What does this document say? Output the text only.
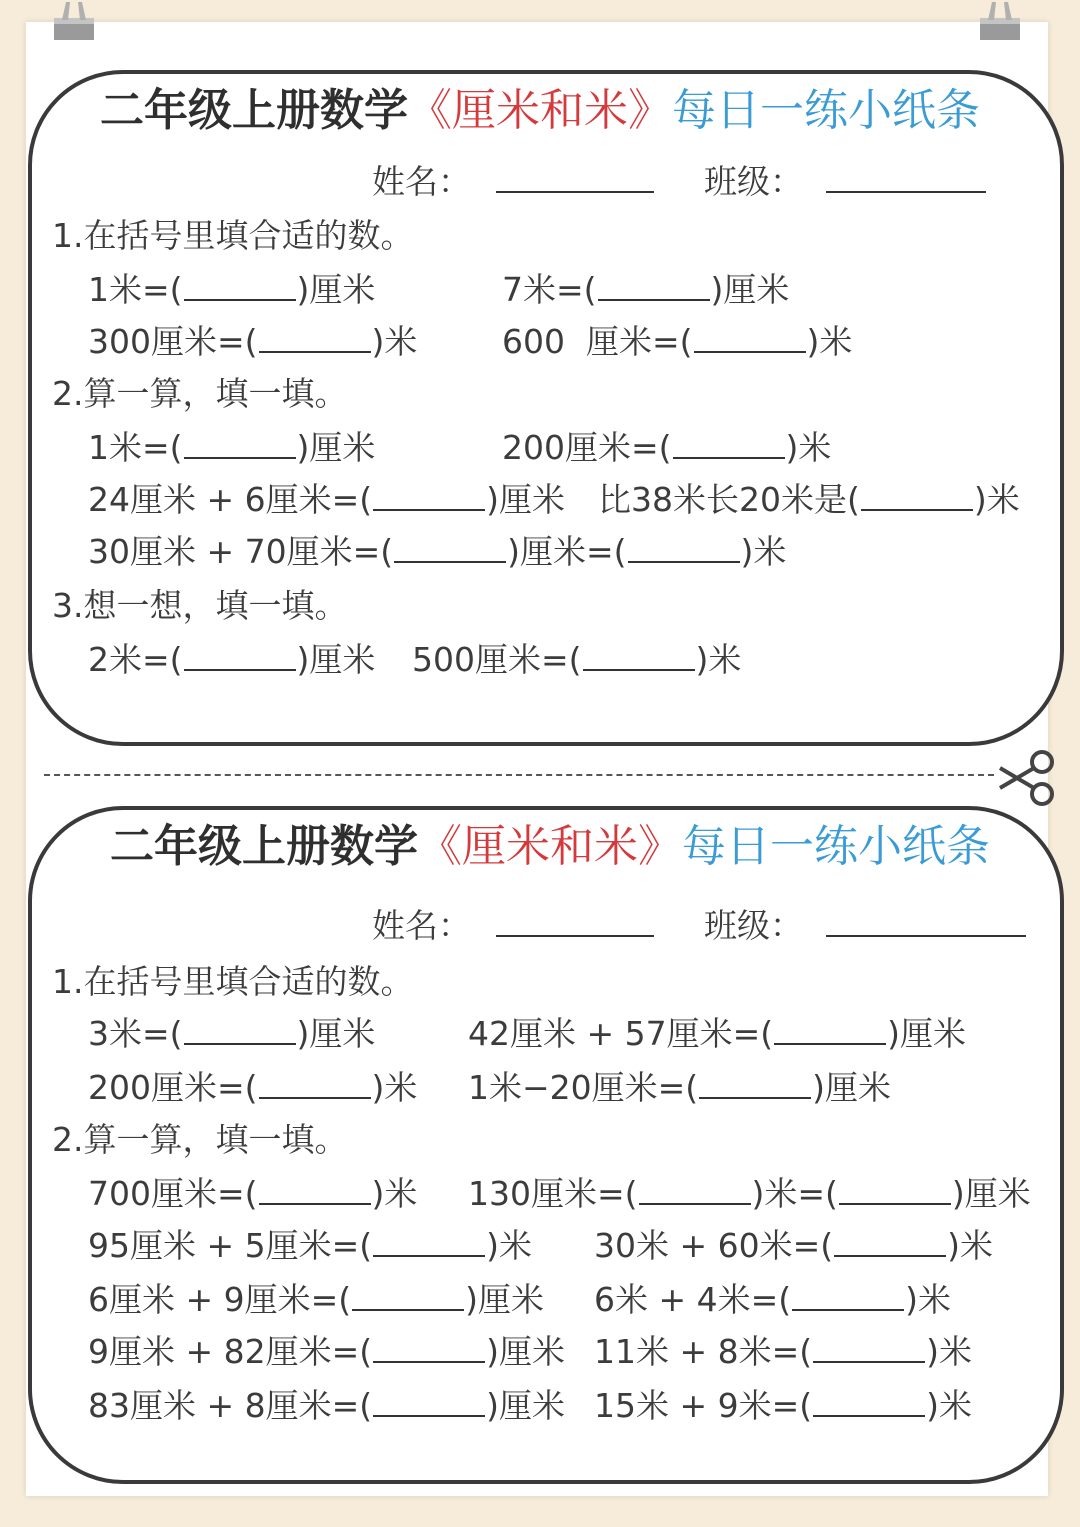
二年级上册数学《厘米和米》每日一练小纸条
姓名：	班级：
1.在括号里填合适的数。
1米=(	)厘米	7米=(	)厘米
300厘米=(	)米	600  厘米=(	)米
2.算一算，填一填。
1米=(	)厘米	200厘米=(	)米
24厘米 + 6厘米=(	)厘米 比38米长20米是(	)米
30厘米 + 70厘米=(	)厘米=(	)米
3.想一想，填一填。
2米=(	)厘米 500厘米=(	)米
二年级上册数学《厘米和米》每日一练小纸条
姓名：	班级：
1.在括号里填合适的数。
3米=(	)厘米	42厘米 + 57厘米=(	)厘米
200厘米=(	)米 1米−20厘米=(	)厘米
2.算一算，填一填。
700厘米=(	)米 130厘米=(	)米=(	)厘米
95厘米 + 5厘米=(	)米 30米 + 60米=(	)米
6厘米 + 9厘米=(	)厘米 6米 + 4米=(	)米
9厘米 + 82厘米=(	)厘米 11米 + 8米=(	)米
83厘米 + 8厘米=(	)厘米 15米 + 9米=(	)米
